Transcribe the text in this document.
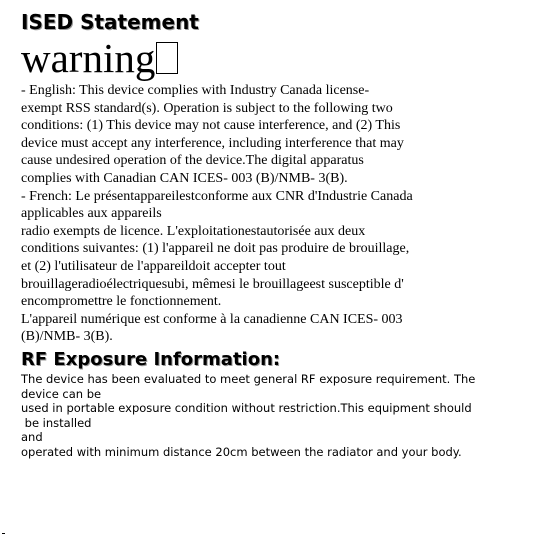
ISED Statement
warning
- English: This device complies with Industry Canada license-
exempt RSS standard(s). Operation is subject to the following two
conditions: (1) This device may not cause interference, and (2) This
device must accept any interference, including interference that may
cause undesired operation of the device.The digital apparatus
complies with Canadian CAN ICES- 003 (B)/NMB- 3(B).
- French: Le présentappareilestconforme aux CNR d'Industrie Canada
applicables aux appareils
radio exempts de licence. L'exploitationestautorisée aux deux
conditions suivantes: (1) l'appareil ne doit pas produire de brouillage,
et (2) l'utilisateur de l'appareildoit accepter tout
brouillageradioélectriquesubi, mêmesi le brouillageest susceptible d'
encompromettre le fonctionnement.
L'appareil numérique est conforme à la canadienne CAN ICES- 003
(B)/NMB- 3(B).
RF Exposure Information:
The device has been evaluated to meet general RF exposure requirement. The
device can be
used in portable exposure condition without restriction.This equipment should
be installed
and
operated with minimum distance 20cm between the radiator and your body.
